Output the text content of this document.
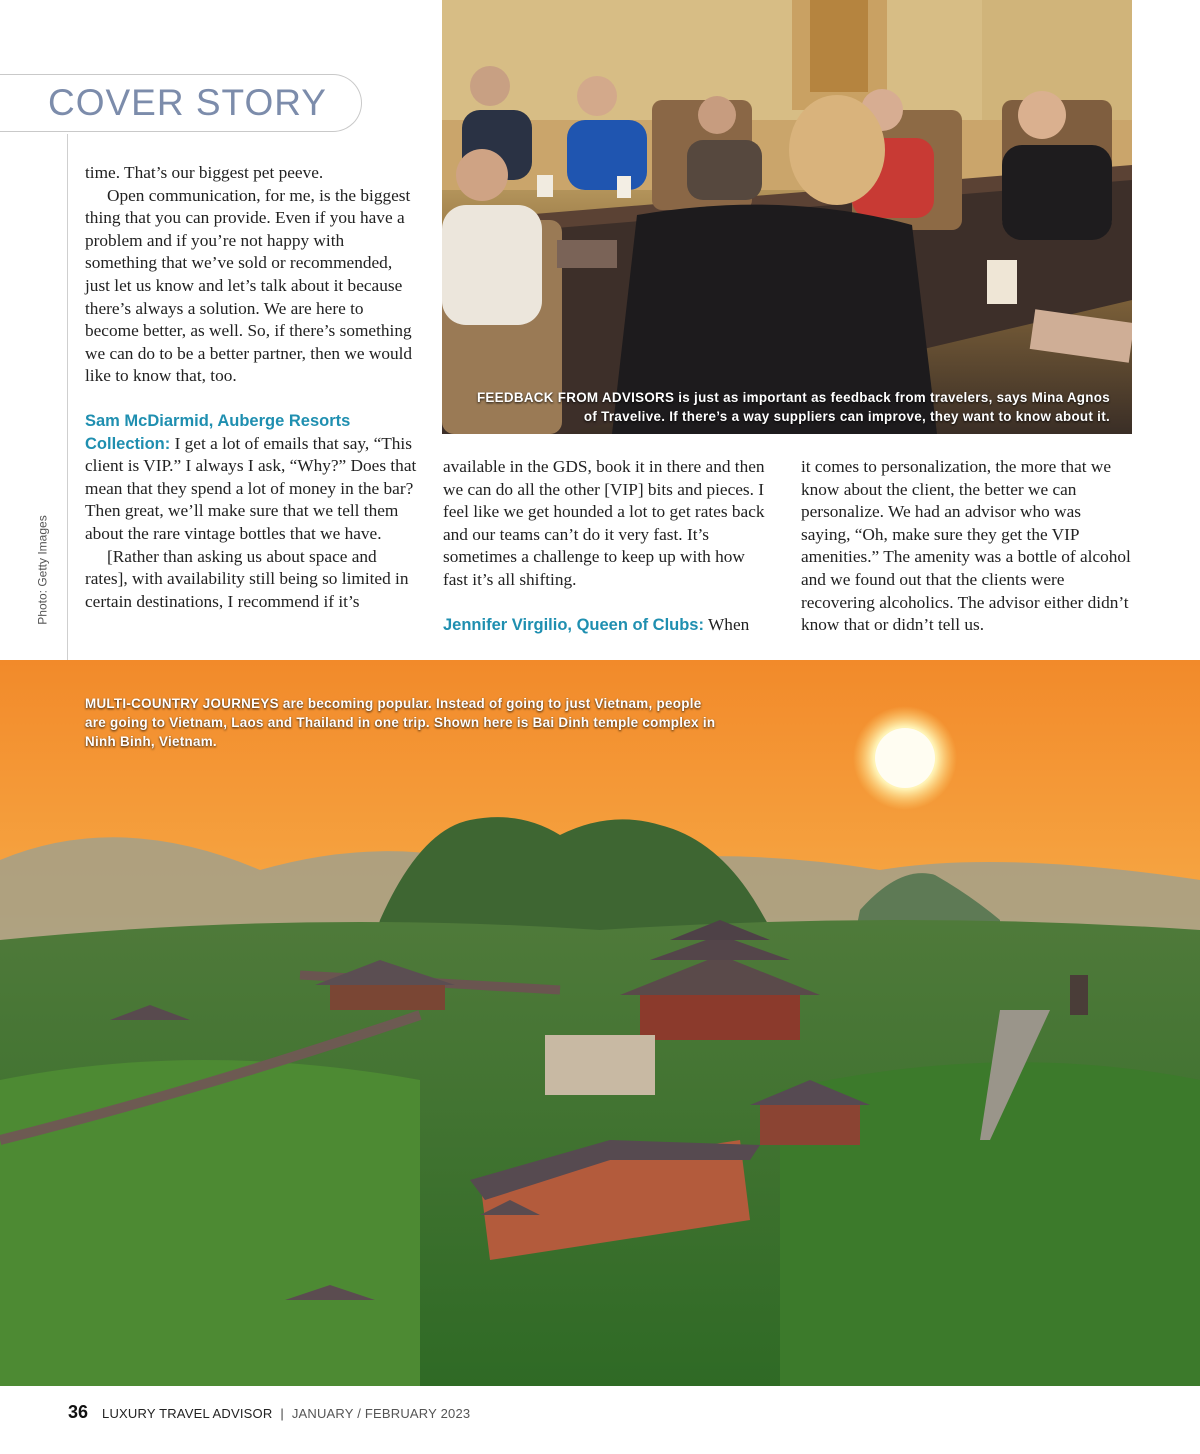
Photo: Getty Images
COVER STORY

time. That’s our biggest pet peeve.

Open communication, for me, is the biggest thing that you can provide. Even if you have a problem and if you’re not happy with something that we’ve sold or recommended, just let us know and let’s talk about it because there’s always a solution. We are here to become better, as well. So, if there’s something we can do to be a better partner, then we would like to know that, too.

Sam McDiarmid, Auberge Resorts Collection: I get a lot of emails that say, “This client is VIP.” I always I ask, “Why?” Does that mean that they spend a lot of money in the bar? Then great, we’ll make sure that we tell them about the rare vintage bottles that we have.

[Rather than asking us about space and rates], with availability still being so limited in certain destinations, I recommend if it’s

available in the GDS, book it in there and then we can do all the other [VIP] bits and pieces. I feel like we get hounded a lot to get rates back and our teams can’t do it very fast. It’s sometimes a challenge to keep up with how fast it’s all shifting.

Jennifer Virgilio, Queen of Clubs: When

it comes to personalization, the more that we know about the client, the better we can personalize. We had an advisor who was saying, “Oh, make sure they get the VIP amenities.” The amenity was a bottle of alcohol and we found out that the clients were recovering alcoholics. The advisor either didn’t know that or didn’t tell us.

FEEDBACK FROM ADVISORS is just as important as feedback from travelers, says Mina Agnos of Travelive. If there’s a way suppliers can improve, they want to know about it.
MULTI-COUNTRY JOURNEYS are becoming popular. Instead of going to just Vietnam, people are going to Vietnam, Laos and Thailand in one trip. Shown here is Bai Dinh temple complex in Ninh Binh, Vietnam.
36 LUXURY TRAVEL ADVISOR | JANUARY / FEBRUARY 2023
